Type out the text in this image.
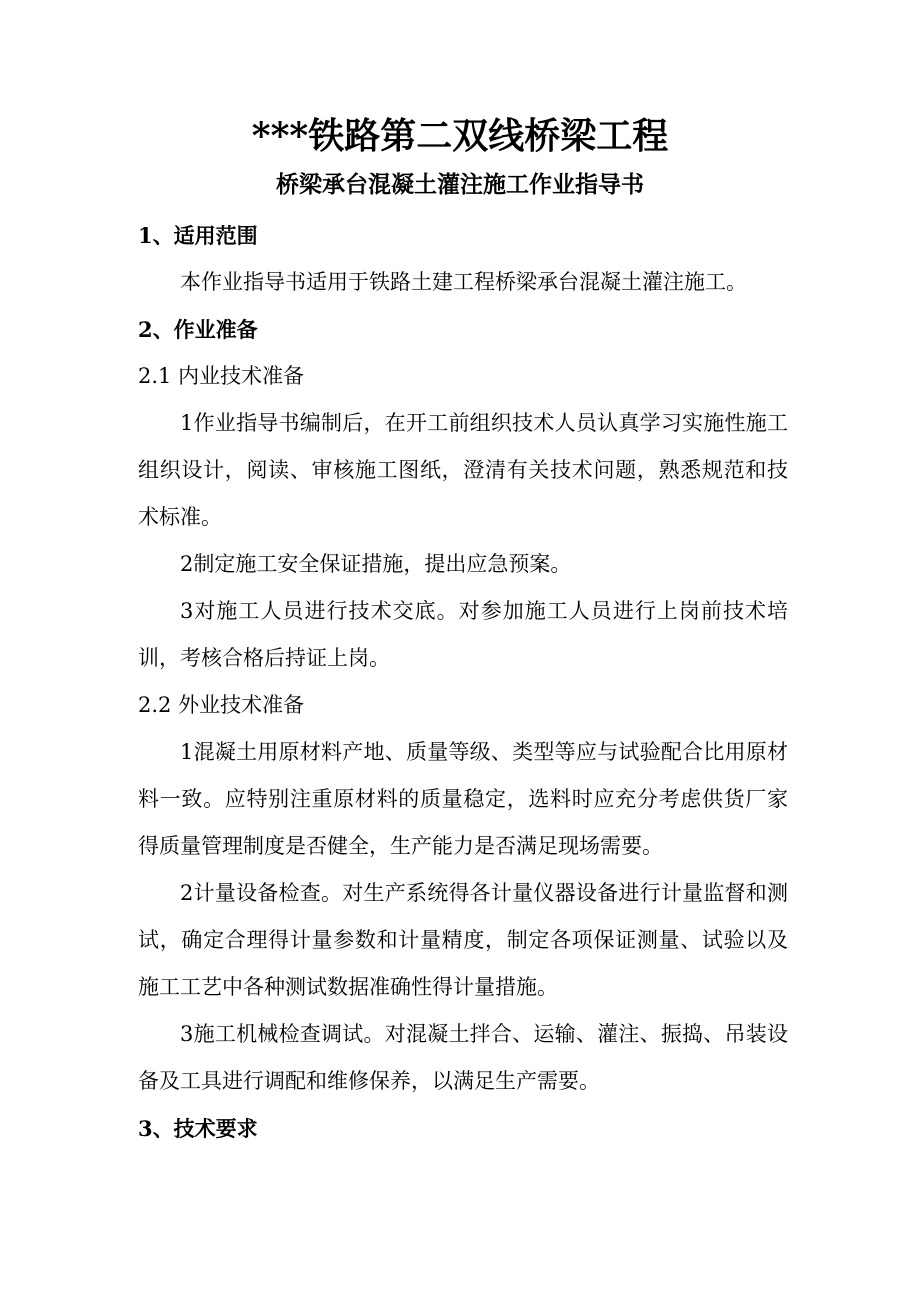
***铁路第二双线桥梁工程
桥梁承台混凝土灌注施工作业指导书
1、适用范围
本作业指导书适用于铁路土建工程桥梁承台混凝土灌注施工。
2、作业准备
2.1 内业技术准备
1作业指导书编制后，在开工前组织技术人员认真学习实施性施工组织设计，阅读、审核施工图纸，澄清有关技术问题，熟悉规范和技术标准。
2制定施工安全保证措施，提出应急预案。
3对施工人员进行技术交底。对参加施工人员进行上岗前技术培训，考核合格后持证上岗。
2.2 外业技术准备
1混凝土用原材料产地、质量等级、类型等应与试验配合比用原材料一致。应特别注重原材料的质量稳定，选料时应充分考虑供货厂家得质量管理制度是否健全，生产能力是否满足现场需要。
2计量设备检查。对生产系统得各计量仪器设备进行计量监督和测试，确定合理得计量参数和计量精度，制定各项保证测量、试验以及施工工艺中各种测试数据准确性得计量措施。
3施工机械检查调试。对混凝土拌合、运输、灌注、振捣、吊装设备及工具进行调配和维修保养，以满足生产需要。
3、技术要求
